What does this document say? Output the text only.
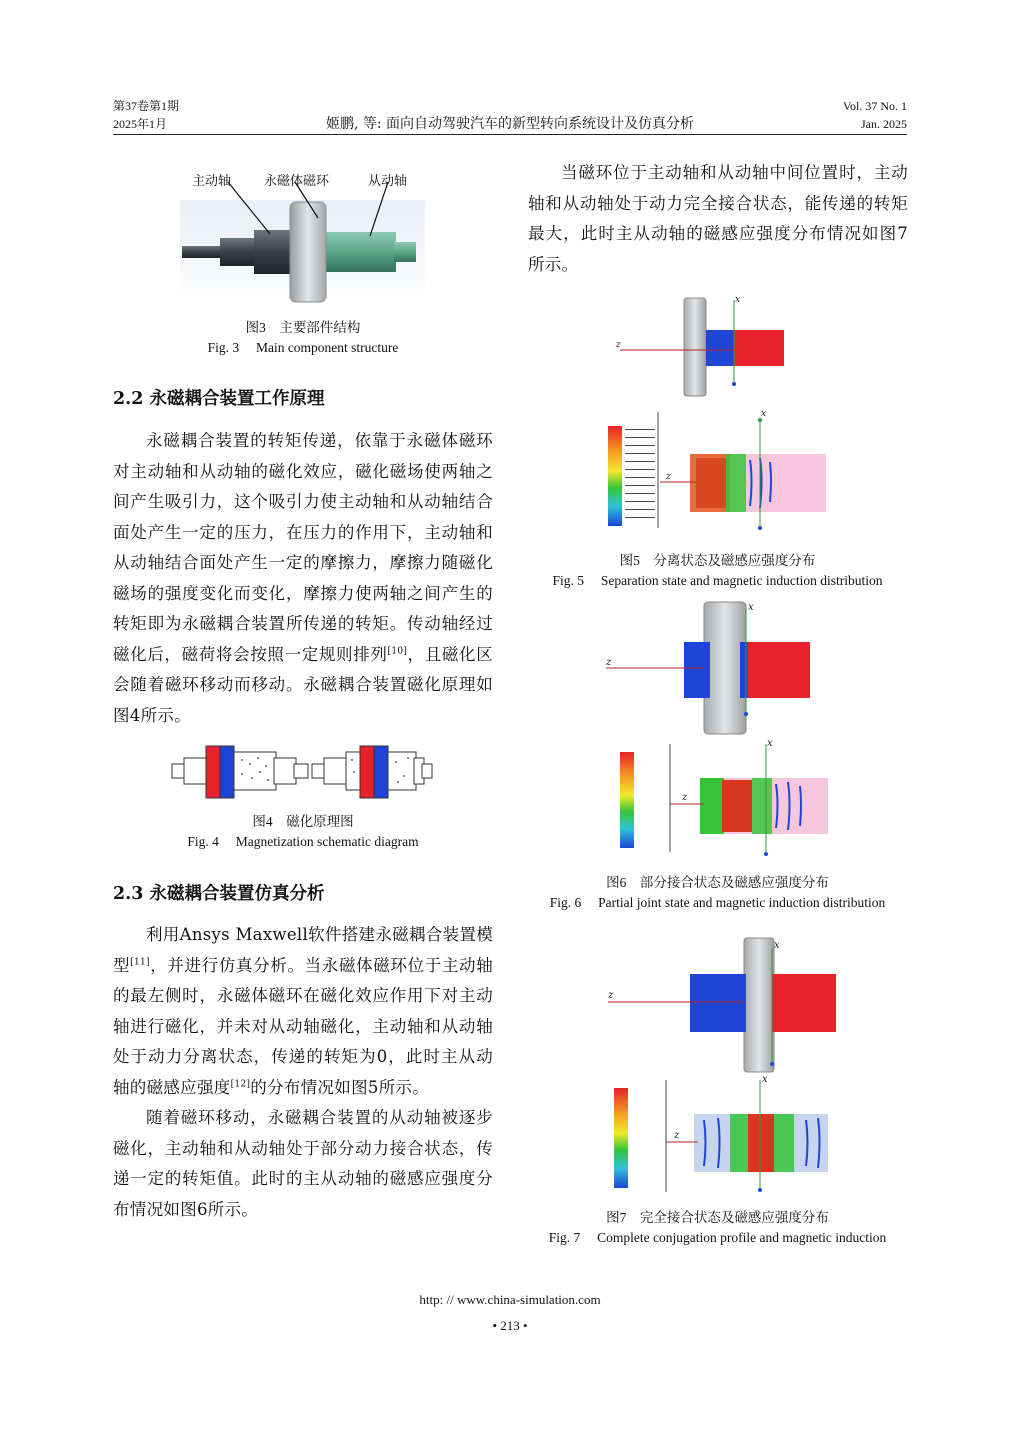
第37卷第1期
2025年1月	姬鹏, 等: 面向自动驾驶汽车的新型转向系统设计及仿真分析
Vol. 37 No. 1
Jan. 2025
主动轴	永磁体磁环	从动轴
图3　主要部件结构
Fig. 3　 Main component structure
2.2 永磁耦合装置工作原理

永磁耦合装置的转矩传递，依靠于永磁体磁环对主动轴和从动轴的磁化效应，磁化磁场使两轴之间产生吸引力，这个吸引力使主动轴和从动轴结合面处产生一定的压力，在压力的作用下，主动轴和从动轴结合面处产生一定的摩擦力，摩擦力随磁化磁场的强度变化而变化，摩擦力使两轴之间产生的转矩即为永磁耦合装置所传递的转矩。传动轴经过磁化后，磁荷将会按照一定规则排列[10]，且磁化区会随着磁环移动而移动。永磁耦合装置磁化原理如图4所示。

图4　磁化原理图
Fig. 4　 Magnetization schematic diagram
2.3 永磁耦合装置仿真分析

利用Ansys Maxwell软件搭建永磁耦合装置模型[11]，并进行仿真分析。当永磁体磁环位于主动轴的最左侧时，永磁体磁环在磁化效应作用下对主动轴进行磁化，并未对从动轴磁化，主动轴和从动轴处于动力分离状态，传递的转矩为0，此时主从动轴的磁感应强度[12]的分布情况如图5所示。

随着磁环移动，永磁耦合装置的从动轴被逐步磁化，主动轴和从动轴处于部分动力接合状态，传递一定的转矩值。此时的主从动轴的磁感应强度分布情况如图6所示。

当磁环位于主动轴和从动轴中间位置时，主动轴和从动轴处于动力完全接合状态，能传递的转矩最大，此时主从动轴的磁感应强度分布情况如图7所示。

x
z
x
z
图5　分离状态及磁感应强度分布
Fig. 5　 Separation state and magnetic induction distribution
x
z
x
z
图6　部分接合状态及磁感应强度分布
Fig. 6　 Partial joint state and magnetic induction distribution
x
z
x
z
图7　完全接合状态及磁感应强度分布
Fig. 7　 Complete conjugation profile and magnetic induction
http: // www.china-simulation.com
• 213 •
